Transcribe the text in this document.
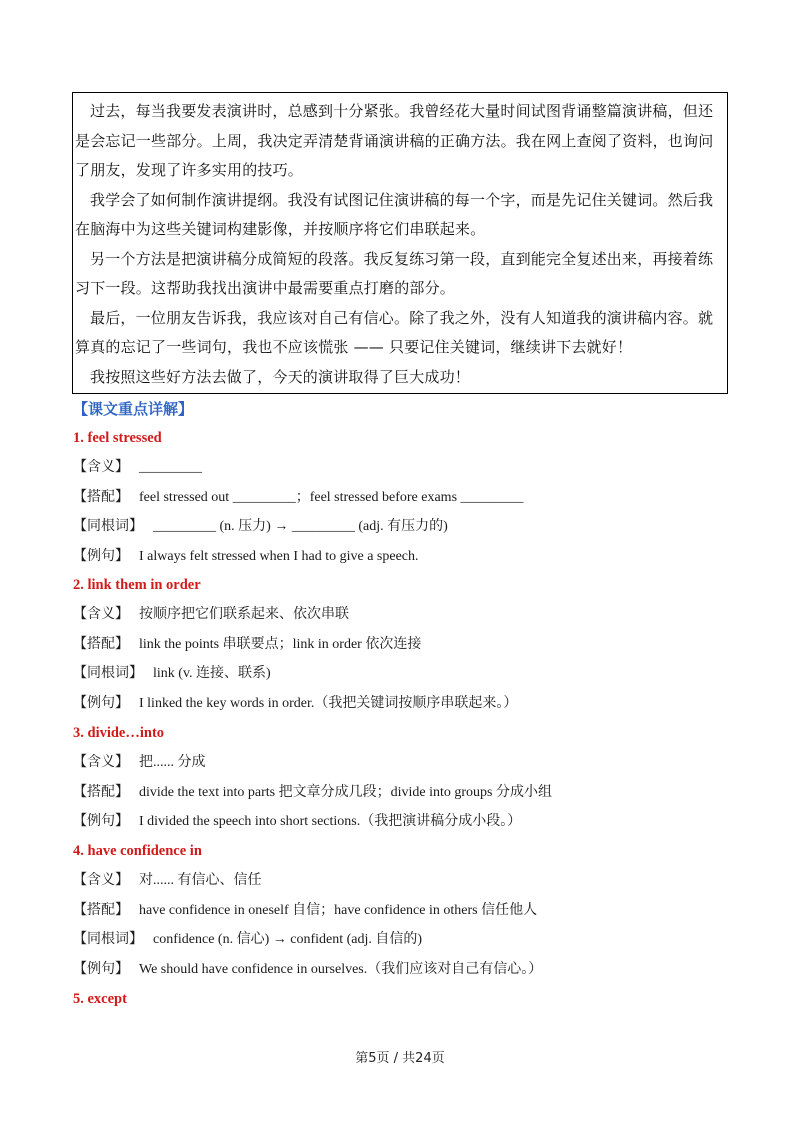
过去，每当我要发表演讲时，总感到十分紧张。我曾经花大量时间试图背诵整篇演讲稿，但还是会忘记一些部分。上周，我决定弄清楚背诵演讲稿的正确方法。我在网上查阅了资料，也询问了朋友，发现了许多实用的技巧。

我学会了如何制作演讲提纲。我没有试图记住演讲稿的每一个字，而是先记住关键词。然后我在脑海中为这些关键词构建影像，并按顺序将它们串联起来。

另一个方法是把演讲稿分成简短的段落。我反复练习第一段，直到能完全复述出来，再接着练习下一段。这帮助我找出演讲中最需要重点打磨的部分。

最后，一位朋友告诉我，我应该对自己有信心。除了我之外，没有人知道我的演讲稿内容。就算真的忘记了一些词句，我也不应该慌张 —— 只要记住关键词，继续讲下去就好！

我按照这些好方法去做了，今天的演讲取得了巨大成功！

【课文重点详解】
1. feel stressed
【含义】 _________
【搭配】 feel stressed out _________；feel stressed before exams _________
【同根词】 _________ (n. 压力) → _________ (adj. 有压力的)
【例句】 I always felt stressed when I had to give a speech.
2. link them in order
【含义】 按顺序把它们联系起来、依次串联
【搭配】 link the points 串联要点；link in order 依次连接
【同根词】 link (v. 连接、联系)
【例句】 I linked the key words in order.（我把关键词按顺序串联起来。）
3. divide…into
【含义】 把...... 分成
【搭配】 divide the text into parts 把文章分成几段；divide into groups 分成小组
【例句】 I divided the speech into short sections.（我把演讲稿分成小段。）
4. have confidence in
【含义】 对...... 有信心、信任
【搭配】 have confidence in oneself 自信；have confidence in others 信任他人
【同根词】 confidence (n. 信心) → confident (adj. 自信的)
【例句】 We should have confidence in ourselves.（我们应该对自己有信心。）
5. except
第5页 / 共24页
